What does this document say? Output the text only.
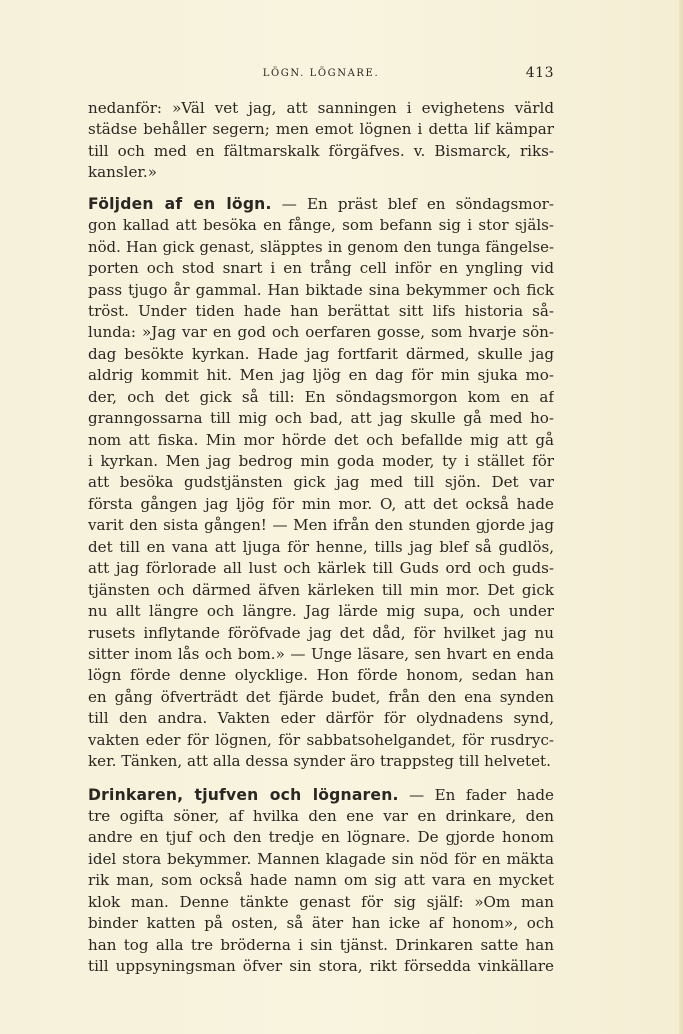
LÖGN. LÖGNARE.	413
nedanför: »Väl vet jag, att sanningen i evighetens värld
städse behåller segern; men emot lögnen i detta lif kämpar
till och med en fältmarskalk förgäfves. v. Bismarck, riks-
kansler.»
Följden af en lögn. — En präst blef en söndagsmor-
gon kallad att besöka en fånge, som befann sig i stor själs-
nöd. Han gick genast, släpptes in genom den tunga fängelse-
porten och stod snart i en trång cell inför en yngling vid
pass tjugo år gammal. Han biktade sina bekymmer och fick
tröst. Under tiden hade han berättat sitt lifs historia så-
lunda: »Jag var en god och oerfaren gosse, som hvarje sön-
dag besökte kyrkan. Hade jag fortfarit därmed, skulle jag
aldrig kommit hit. Men jag ljög en dag för min sjuka mo-
der, och det gick så till: En söndagsmorgon kom en af
granngossarna till mig och bad, att jag skulle gå med ho-
nom att fiska. Min mor hörde det och befallde mig att gå
i kyrkan. Men jag bedrog min goda moder, ty i stället för
att besöka gudstjänsten gick jag med till sjön. Det var
första gången jag ljög för min mor. O, att det också hade
varit den sista gången! — Men ifrån den stunden gjorde jag
det till en vana att ljuga för henne, tills jag blef så gudlös,
att jag förlorade all lust och kärlek till Guds ord och guds-
tjänsten och därmed äfven kärleken till min mor. Det gick
nu allt längre och längre. Jag lärde mig supa, och under
rusets inflytande föröfvade jag det dåd, för hvilket jag nu
sitter inom lås och bom.» — Unge läsare, sen hvart en enda
lögn förde denne olycklige. Hon förde honom, sedan han
en gång öfverträdt det fjärde budet, från den ena synden
till den andra. Vakten eder därför för olydnadens synd,
vakten eder för lögnen, för sabbatsohelgandet, för rusdryc-
ker. Tänken, att alla dessa synder äro trappsteg till helvetet.
Drinkaren, tjufven och lögnaren. — En fader hade
tre ogifta söner, af hvilka den ene var en drinkare, den
andre en tjuf och den tredje en lögnare. De gjorde honom
idel stora bekymmer. Mannen klagade sin nöd för en mäkta
rik man, som också hade namn om sig att vara en mycket
klok man. Denne tänkte genast för sig själf: »Om man
binder katten på osten, så äter han icke af honom», och
han tog alla tre bröderna i sin tjänst. Drinkaren satte han
till uppsyningsman öfver sin stora, rikt försedda vinkällare
